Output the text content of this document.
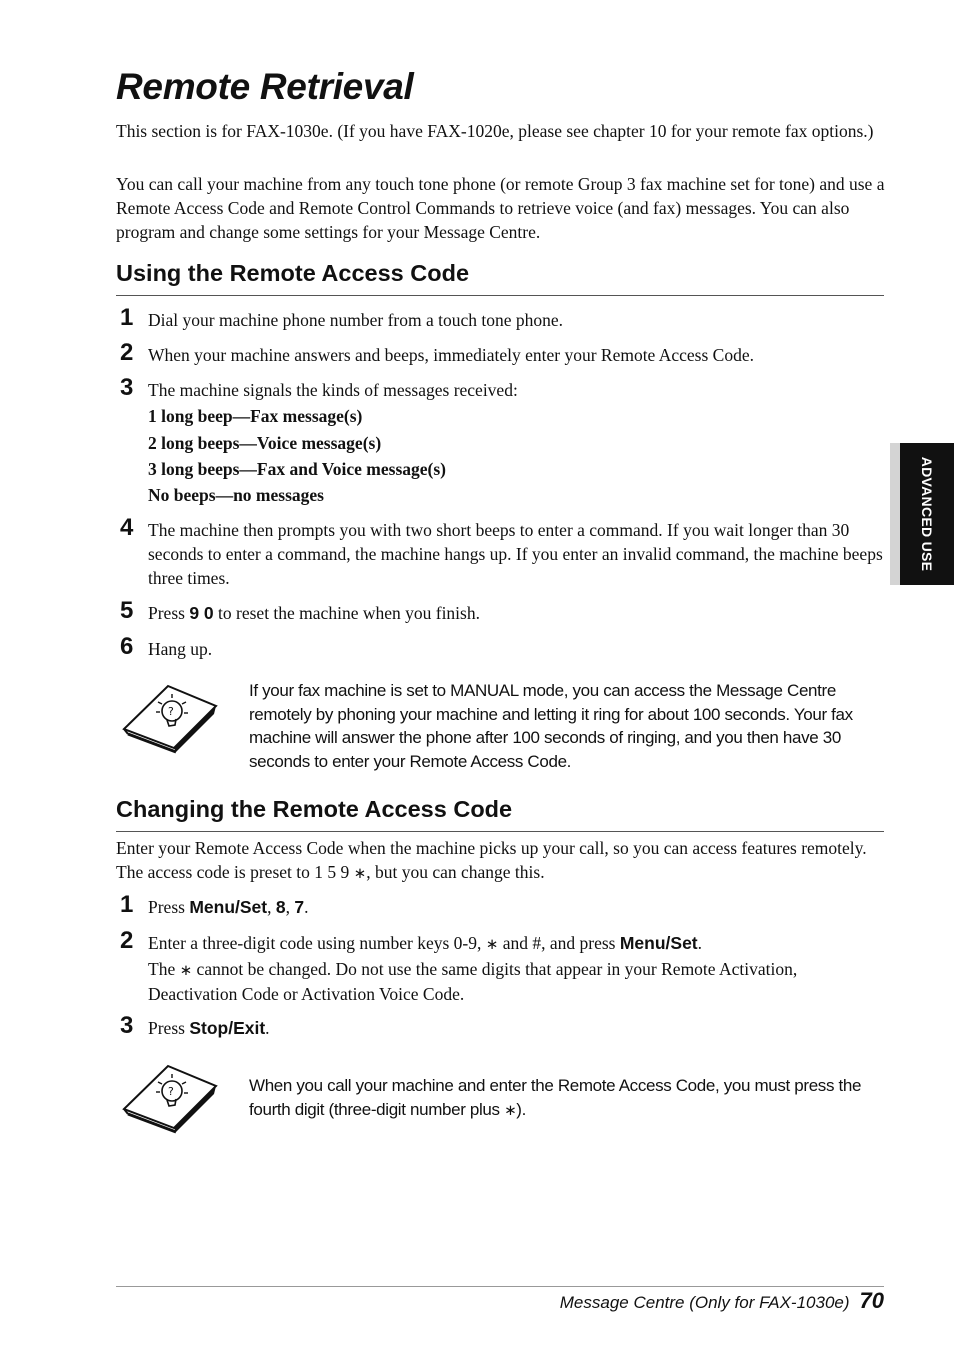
Remote Retrieval

This section is for FAX-1030e. (If you have FAX-1020e, please see chapter 10 for your remote fax options.)

You can call your machine from any touch tone phone (or remote Group 3 fax machine set for tone) and use a Remote Access Code and Remote Control Commands to retrieve voice (and fax) messages. You can also program and change some settings for your Message Centre.

Using the Remote Access Code
1 Dial your machine phone number from a touch tone phone.

2 When your machine answers and beeps, immediately enter your Remote Access Code.

3 The machine signals the kinds of messages received:

1 long beep—Fax message(s)

2 long beeps—Voice message(s)

3 long beeps—Fax and Voice message(s)

No beeps—no messages

4 The machine then prompts you with two short beeps to enter a command. If you wait longer than 30 seconds to enter a command, the machine hangs up. If you enter an invalid command, the machine beeps three times.

5 Press 9 0 to reset the machine when you finish.

6 Hang up.

?

If your fax machine is set to MANUAL mode, you can access the Message Centre remotely by phoning your machine and letting it ring for about 100 seconds. Your fax machine will answer the phone after 100 seconds of ringing, and you then have 30 seconds to enter your Remote Access Code.

Changing the Remote Access Code

Enter your Remote Access Code when the machine picks up your call, so you can access features remotely. The access code is preset to 1 5 9 ∗, but you can change this.

1 Press Menu/Set, 8, 7.

2 Enter a three-digit code using number keys 0-9, ∗ and #, and press Menu/Set.

The ∗ cannot be changed. Do not use the same digits that appear in your Remote Activation, Deactivation Code or Activation Voice Code.

3 Press Stop/Exit.

?	When you call your machine and enter the Remote Access Code, you must press the fourth digit (three-digit number plus ∗).

ADVANCED USE
Message Centre (Only for FAX-1030e) 70
